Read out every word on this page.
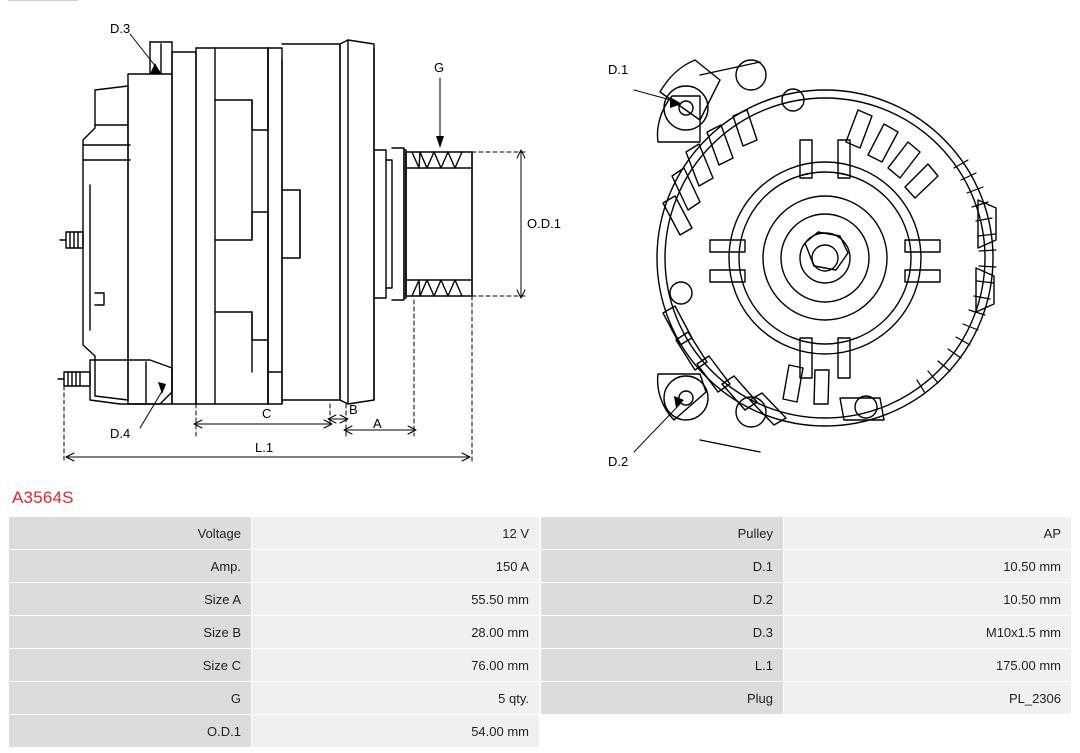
D.3
D.4
G
O.D.1
A
B
C
L.1
D.1
D.2
A3564S
Voltage	12 V
Amp.	150 A
Size A	55.50 mm
Size B	28.00 mm
Size C	76.00 mm
G	5 qty.
O.D.1	54.00 mm
Pulley	AP
D.1	10.50 mm
D.2	10.50 mm
D.3	M10x1.5 mm
L.1	175.00 mm
Plug	PL_2306
